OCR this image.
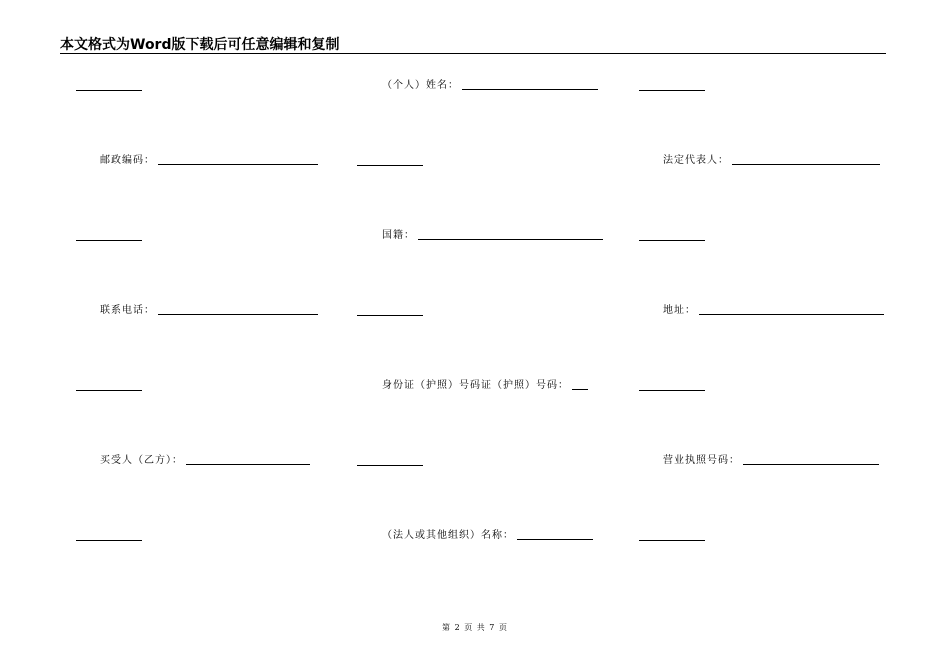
本文格式为Word版下载后可任意编辑和复制
（个人）姓名：
邮政编码：	法定代表人：
国籍：
联系电话：	地址：
身份证（护照）号码证（护照）号码：
买受人（乙方）：	营业执照号码：
（法人或其他组织）名称：
第 2 页 共 7 页
